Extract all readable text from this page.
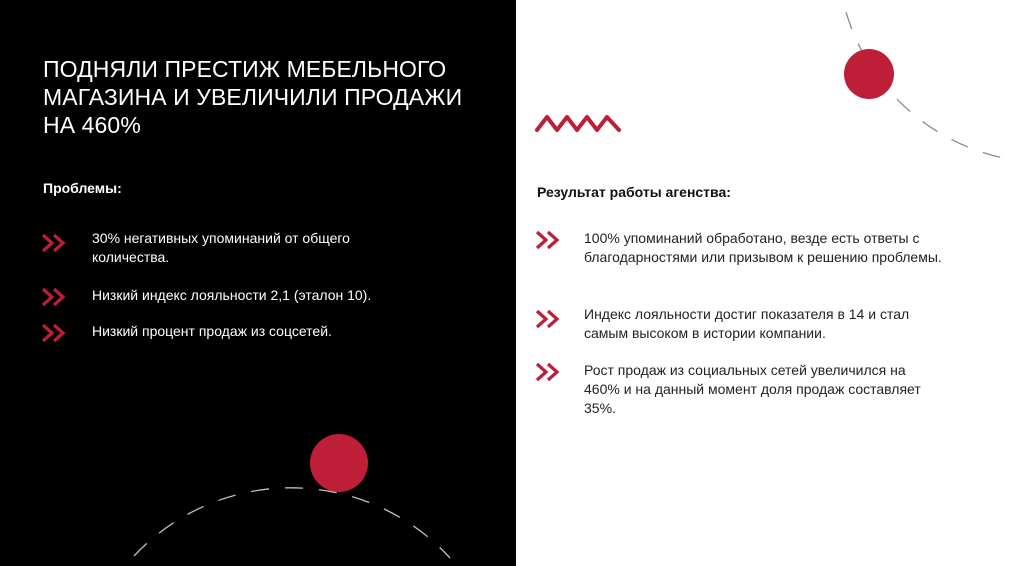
ПОДНЯЛИ ПРЕСТИЖ МЕБЕЛЬНОГО МАГАЗИНА И УВЕЛИЧИЛИ ПРОДАЖИ НА 460%
Проблемы:
30% негативных упоминаний от общего количества.
Низкий индекс лояльности 2,1 (эталон 10).
Низкий процент продаж из соцсетей.
Результат работы агенства:
100% упоминаний обработано, везде есть ответы с благодарностями или призывом к решению проблемы.
Индекс лояльности достиг показателя в 14 и стал самым высоком в истории компании.
Рост продаж из социальных сетей увеличился на 460% и на данный момент доля продаж составляет 35%.
